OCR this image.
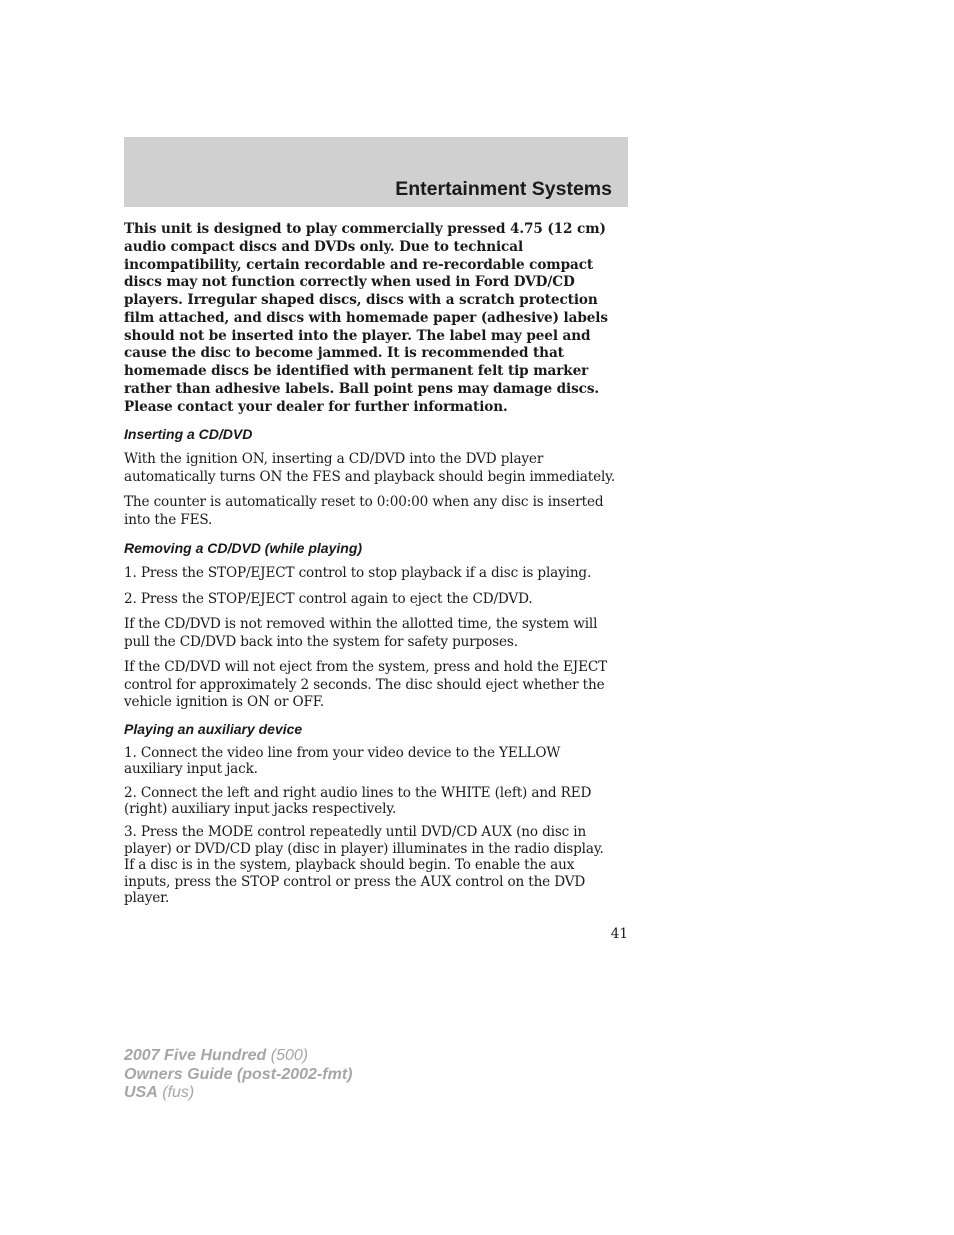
Entertainment Systems

This unit is designed to play commercially pressed 4.75 (12 cm)
audio compact discs and DVDs only. Due to technical
incompatibility, certain recordable and re-recordable compact
discs may not function correctly when used in Ford DVD/CD
players. Irregular shaped discs, discs with a scratch protection
film attached, and discs with homemade paper (adhesive) labels
should not be inserted into the player. The label may peel and
cause the disc to become jammed. It is recommended that
homemade discs be identified with permanent felt tip marker
rather than adhesive labels. Ball point pens may damage discs.
Please contact your dealer for further information.

Inserting a CD/DVD

With the ignition ON, inserting a CD/DVD into the DVD player
automatically turns ON the FES and playback should begin immediately.

The counter is automatically reset to 0:00:00 when any disc is inserted
into the FES.

Removing a CD/DVD (while playing)

1. Press the STOP/EJECT control to stop playback if a disc is playing.

2. Press the STOP/EJECT control again to eject the CD/DVD.

If the CD/DVD is not removed within the allotted time, the system will
pull the CD/DVD back into the system for safety purposes.

If the CD/DVD will not eject from the system, press and hold the EJECT
control for approximately 2 seconds. The disc should eject whether the
vehicle ignition is ON or OFF.

Playing an auxiliary device

1. Connect the video line from your video device to the YELLOW
auxiliary input jack.

2. Connect the left and right audio lines to the WHITE (left) and RED
(right) auxiliary input jacks respectively.

3. Press the MODE control repeatedly until DVD/CD AUX (no disc in
player) or DVD/CD play (disc in player) illuminates in the radio display.
If a disc is in the system, playback should begin. To enable the aux
inputs, press the STOP control or press the AUX control on the DVD
player.

41
2007 Five Hundred (500)
Owners Guide (post-2002-fmt)
USA (fus)
